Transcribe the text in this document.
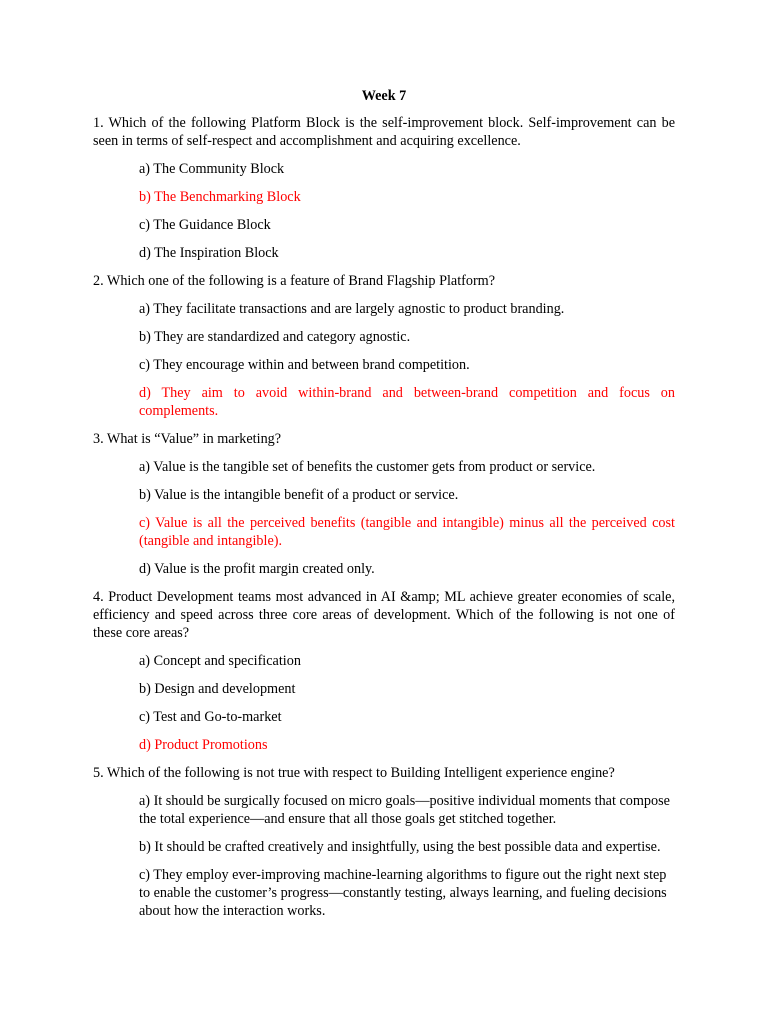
Week 7
1. Which of the following Platform Block is the self-improvement block. Self-improvement can be seen in terms of self-respect and accomplishment and acquiring excellence.
a) The Community Block
b) The Benchmarking Block
c) The Guidance Block
d) The Inspiration Block
2. Which one of the following is a feature of Brand Flagship Platform?
a) They facilitate transactions and are largely agnostic to product branding.
b) They are standardized and category agnostic.
c) They encourage within and between brand competition.
d) They aim to avoid within-brand and between-brand competition and focus on complements.
3. What is “Value” in marketing?
a) Value is the tangible set of benefits the customer gets from product or service.
b) Value is the intangible benefit of a product or service.
c) Value is all the perceived benefits (tangible and intangible) minus all the perceived cost (tangible and intangible).
d) Value is the profit margin created only.
4. Product Development teams most advanced in AI &amp; ML achieve greater economies of scale, efficiency and speed across three core areas of development. Which of the following is not one of these core areas?
a) Concept and specification
b) Design and development
c) Test and Go-to-market
d) Product Promotions
5. Which of the following is not true with respect to Building Intelligent experience engine?
a) It should be surgically focused on micro goals—positive individual moments that compose the total experience—and ensure that all those goals get stitched together.
b) It should be crafted creatively and insightfully, using the best possible data and expertise.
c) They employ ever-improving machine-learning algorithms to figure out the right next step to enable the customer’s progress—constantly testing, always learning, and fueling decisions about how the interaction works.
